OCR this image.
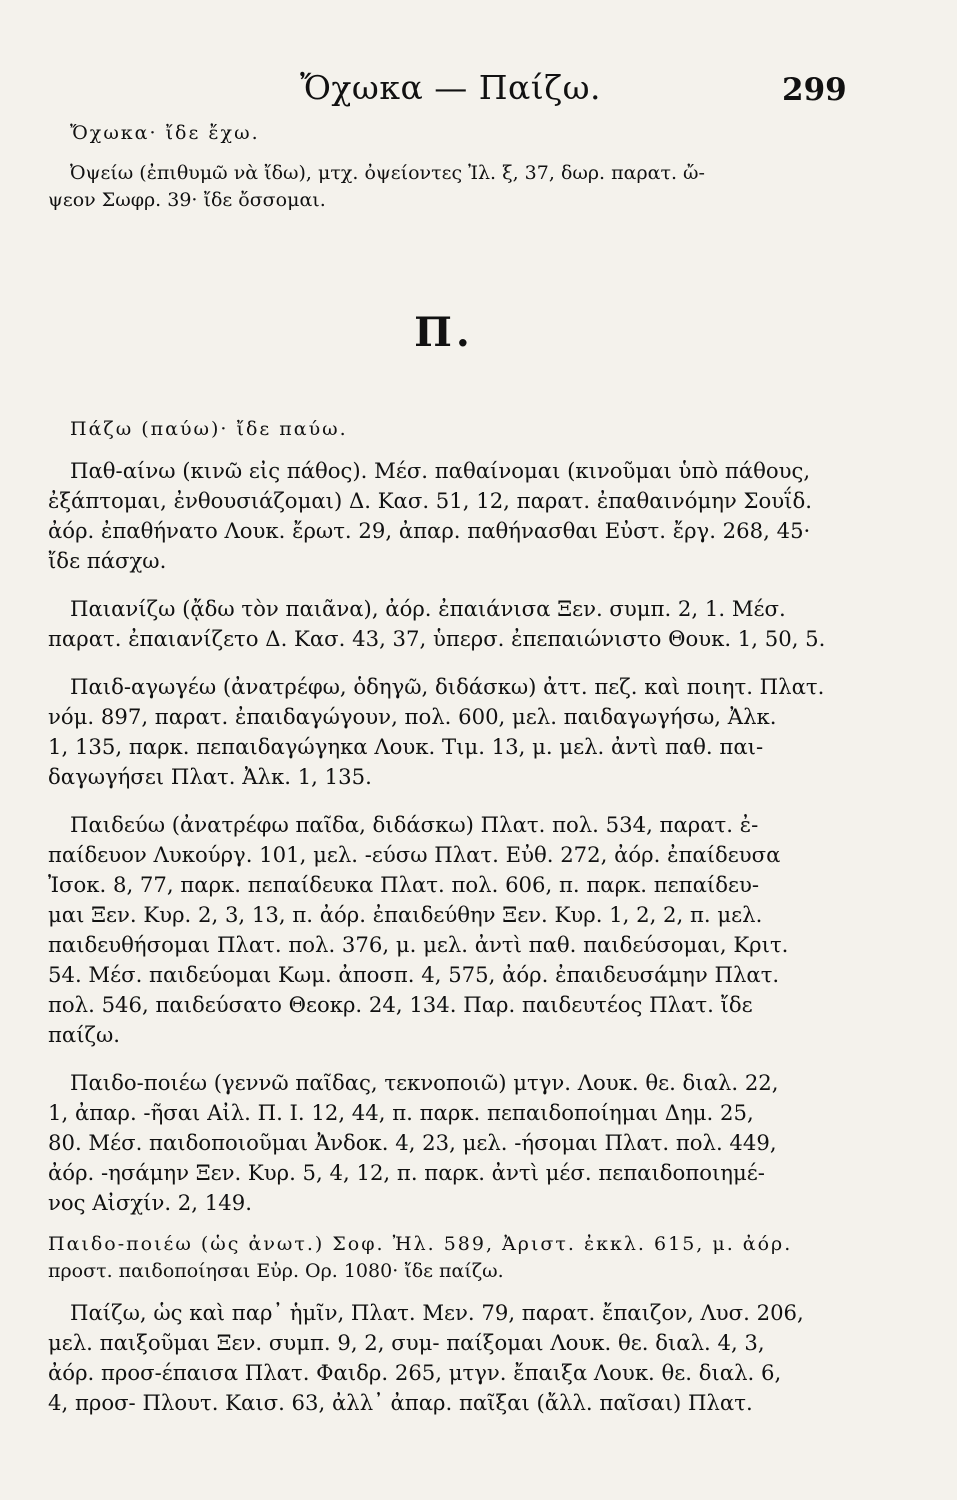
Ὄχωκα — Παίζω.	299
Ὄχωκα· ἴδε ἔχω.
Ὀψείω (ἐπιθυμῶ νὰ ἴδω), μτχ. ὀψείοντες Ἰλ. ξ, 37, δωρ. παρατ. ὤ-
ψεον Σωφρ. 39· ἴδε ὄσσομαι.
Π.
Πάζω (παύω)· ἴδε παύω.
Παθ-αίνω (κινῶ εἰς πάθος). Μέσ. παθαίνομαι (κινοῦμαι ὑπὸ πάθους,
ἐξάπτομαι, ἐνθουσιάζομαι) Δ. Κασ. 51, 12, παρατ. ἐπαθαινόμην Σουΐδ.
ἀόρ. ἐπαθήνατο Λουκ. ἔρωτ. 29, ἀπαρ. παθήνασθαι Εὐστ. ἔργ. 268, 45·
ἴδε πάσχω.
Παιανίζω (ᾄδω τὸν παιᾶνα), ἀόρ. ἐπαιάνισα Ξεν. συμπ. 2, 1. Μέσ.
παρατ. ἐπαιανίζετο Δ. Κασ. 43, 37, ὑπερσ. ἐπεπαιώνιστο Θουκ. 1, 50, 5.
Παιδ-αγωγέω (ἀνατρέφω, ὁδηγῶ, διδάσκω) ἀττ. πεζ. καὶ ποιητ. Πλατ.
νόμ. 897, παρατ. ἐπαιδαγώγουν, πολ. 600, μελ. παιδαγωγήσω, Ἀλκ.
1, 135, παρκ. πεπαιδαγώγηκα Λουκ. Τιμ. 13, μ. μελ. ἀντὶ παθ. παι-
δαγωγήσει Πλατ. Ἀλκ. 1, 135.
Παιδεύω (ἀνατρέφω παῖδα, διδάσκω) Πλατ. πολ. 534, παρατ. ἐ-
παίδευον Λυκούργ. 101, μελ. -εύσω Πλατ. Εὐθ. 272, ἀόρ. ἐπαίδευσα
Ἰσοκ. 8, 77, παρκ. πεπαίδευκα Πλατ. πολ. 606, π. παρκ. πεπαίδευ-
μαι Ξεν. Κυρ. 2, 3, 13, π. ἀόρ. ἐπαιδεύθην Ξεν. Κυρ. 1, 2, 2, π. μελ.
παιδευθήσομαι Πλατ. πολ. 376, μ. μελ. ἀντὶ παθ. παιδεύσομαι, Κριτ.
54. Μέσ. παιδεύομαι Κωμ. ἀποσπ. 4, 575, ἀόρ. ἐπαιδευσάμην Πλατ.
πολ. 546, παιδεύσατο Θεοκρ. 24, 134. Παρ. παιδευτέος Πλατ. ἴδε
παίζω.
Παιδο-ποιέω (γεννῶ παῖδας, τεκνοποιῶ) μτγν. Λουκ. θε. διαλ. 22,
1, ἀπαρ. -ῆσαι Αἰλ. Π. Ι. 12, 44, π. παρκ. πεπαιδοποίημαι Δημ. 25,
80. Μέσ. παιδοποιοῦμαι Ἀνδοκ. 4, 23, μελ. -ήσομαι Πλατ. πολ. 449,
ἀόρ. -ησάμην Ξεν. Κυρ. 5, 4, 12, π. παρκ. ἀντὶ μέσ. πεπαιδοποιημέ-
νος Αἰσχίν. 2, 149.
Παιδο-ποιέω (ὡς ἀνωτ.) Σοφ. Ἠλ. 589, Ἀριστ. ἐκκλ. 615, μ. ἀόρ.
προστ. παιδοποίησαι Εὐρ. Ορ. 1080· ἴδε παίζω.
Παίζω, ὡς καὶ παρ᾽ ἡμῖν, Πλατ. Μεν. 79, παρατ. ἔπαιζον, Λυσ. 206,
μελ. παιξοῦμαι Ξεν. συμπ. 9, 2, συμ- παίξομαι Λουκ. θε. διαλ. 4, 3,
ἀόρ. προσ-έπαισα Πλατ. Φαιδρ. 265, μτγν. ἔπαιξα Λουκ. θε. διαλ. 6,
4, προσ- Πλουτ. Καισ. 63, ἀλλ᾽ ἀπαρ. παῖξαι (ἄλλ. παῖσαι) Πλατ.
